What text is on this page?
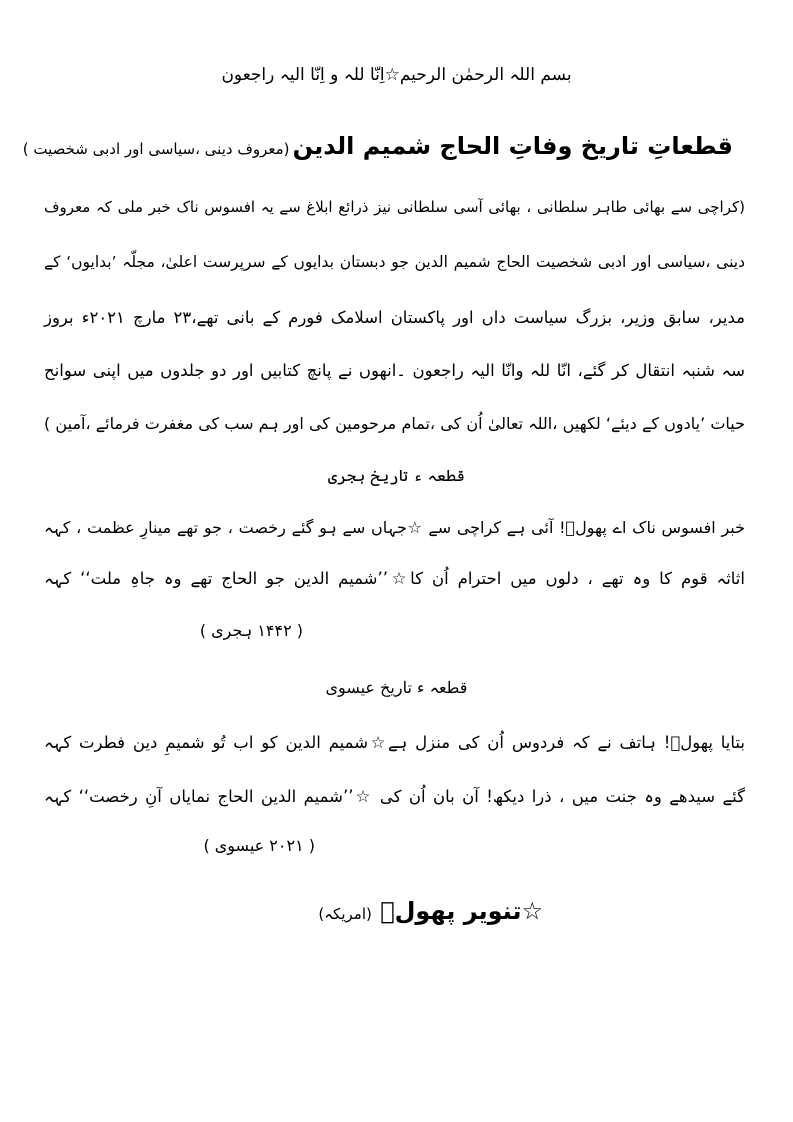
بسم اللہ الرحمٰن الرحیم☆اِنّا للہ و اِنّا الیہ راجعون
قطعاتِ تاریخ وفاتِ الحاج شمیم الدین (معروف دینی ،سیاسی اور ادبی شخصیت )
(کراچی سے بھائی طاہر سلطانی ، بھائی آسی سلطانی نیز ذرائع ابلاغ سے یہ افسوس ناک خبر ملی کہ معروف
دینی ،سیاسی اور ادبی شخصیت الحاج شمیم الدین جو دبستان بدایوں کے سرپرست اعلیٰ، مجلّہ ’بدایوں‘ کے
مدیر، سابق وزیر، بزرگ سیاست داں اور پاکستان اسلامک فورم کے بانی تھے،۲۳ مارچ ۲۰۲۱ء بروز
سہ شنبہ انتقال کر گئے، انّا للہ وانّا الیہ راجعون ۔انھوں نے پانچ کتابیں اور دو جلدوں میں اپنی سوانح
حیات ’یادوں کے دیئے‘ لکھیں ،اللہ تعالیٰ اُن کی ،تمام مرحومین کی اور ہم سب کی مغفرت فرمائے ،آمین )
قطعہ ء تاریخ ہجری
خبر افسوس ناک اے پھولؔ! آئی ہے کراچی سے ☆جہاں سے ہو گئے رخصت ، جو تھے مینارِ عظمت ، کہہ
اثاثہ قوم کا وہ تھے ، دلوں میں احترام اُن کا☆’’شمیم الدین جو الحاج تھے وہ جاہِ ملت‘‘ کہہ
( ۱۴۴۲ ہجری )
قطعہ ء تاریخ عیسوی
بتایا پھولؔ! ہاتف نے کہ فردوس اُن کی منزل ہے☆شمیم الدین کو اب تُو شمیمِ دین فطرت کہہ
گئے سیدھے وہ جنت میں ، ذرا دیکھ! آن بان اُن کی ☆’’شمیم الدین الحاج نمایاں آنِ رخصت‘‘ کہہ
( ۲۰۲۱ عیسوی )
☆تنویر پھولؔ (امریکہ)
